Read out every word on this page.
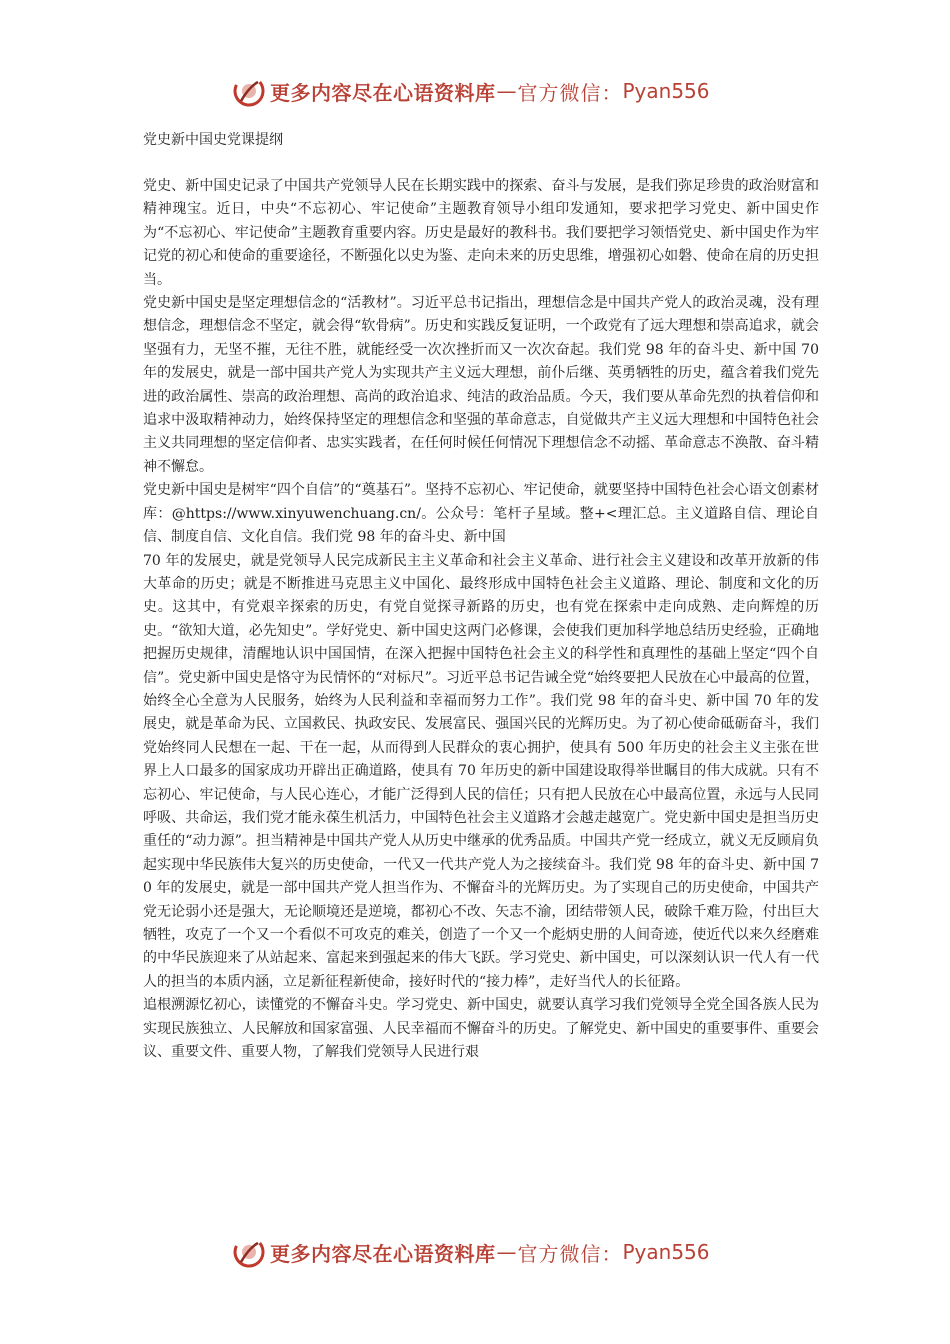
更多内容尽在心语资料库 — 官方微信： Pyan556
党史新中国史党课提纲

党史、新中国史记录了中国共产党领导人民在长期实践中的探索、奋斗与发展，是我们弥足珍贵的政治财富和精神瑰宝。近日，中央“不忘初心、牢记使命”主题教育领导小组印发通知，要求把学习党史、新中国史作为“不忘初心、牢记使命”主题教育重要内容。历史是最好的教科书。我们要把学习领悟党史、新中国史作为牢记党的初心和使命的重要途径，不断强化以史为鉴、走向未来的历史思维，增强初心如磐、使命在肩的历史担当。

党史新中国史是坚定理想信念的“活教材”。习近平总书记指出，理想信念是中国共产党人的政治灵魂，没有理想信念，理想信念不坚定，就会得“软骨病”。历史和实践反复证明，一个政党有了远大理想和崇高追求，就会坚强有力，无坚不摧，无往不胜，就能经受一次次挫折而又一次次奋起。我们党 98 年的奋斗史、新中国 70 年的发展史，就是一部中国共产党人为实现共产主义远大理想，前仆后继、英勇牺牲的历史，蕴含着我们党先进的政治属性、崇高的政治理想、高尚的政治追求、纯洁的政治品质。今天，我们要从革命先烈的执着信仰和追求中汲取精神动力，始终保持坚定的理想信念和坚强的革命意志，自觉做共产主义远大理想和中国特色社会主义共同理想的坚定信仰者、忠实实践者，在任何时候任何情况下理想信念不动摇、革命意志不涣散、奋斗精神不懈怠。

党史新中国史是树牢“四个自信”的“奠基石”。坚持不忘初心、牢记使命，就要坚持中国特色社会心语文创素材库：@https://www.xinyuwenchuang.cn/。公众号：笔杆子星域。整+<理汇总。主义道路自信、理论自信、制度自信、文化自信。我们党 98 年的奋斗史、新中国

70 年的发展史，就是党领导人民完成新民主主义革命和社会主义革命、进行社会主义建设和改革开放新的伟大革命的历史；就是不断推进马克思主义中国化、最终形成中国特色社会主义道路、理论、制度和文化的历史。这其中，有党艰辛探索的历史，有党自觉探寻新路的历史，也有党在探索中走向成熟、走向辉煌的历史。“欲知大道，必先知史”。学好党史、新中国史这两门必修课，会使我们更加科学地总结历史经验，正确地把握历史规律，清醒地认识中国国情，在深入把握中国特色社会主义的科学性和真理性的基础上坚定“四个自信”。党史新中国史是恪守为民情怀的“对标尺”。习近平总书记告诫全党“始终要把人民放在心中最高的位置，始终全心全意为人民服务，始终为人民利益和幸福而努力工作”。我们党 98 年的奋斗史、新中国 70 年的发展史，就是革命为民、立国救民、执政安民、发展富民、强国兴民的光辉历史。为了初心使命砥砺奋斗，我们党始终同人民想在一起、干在一起，从而得到人民群众的衷心拥护，使具有 500 年历史的社会主义主张在世界上人口最多的国家成功开辟出正确道路，使具有 70 年历史的新中国建设取得举世瞩目的伟大成就。只有不忘初心、牢记使命，与人民心连心，才能广泛得到人民的信任；只有把人民放在心中最高位置，永远与人民同呼吸、共命运，我们党才能永葆生机活力，中国特色社会主义道路才会越走越宽广。党史新中国史是担当历史重任的“动力源”。担当精神是中国共产党人从历史中继承的优秀品质。中国共产党一经成立，就义无反顾肩负起实现中华民族伟大复兴的历史使命，一代又一代共产党人为之接续奋斗。我们党 98 年的奋斗史、新中国 70 年的发展史，就是一部中国共产党人担当作为、不懈奋斗的光辉历史。为了实现自己的历史使命，中国共产党无论弱小还是强大，无论顺境还是逆境，都初心不改、矢志不渝，团结带领人民，破除千难万险，付出巨大牺牲，攻克了一个又一个看似不可攻克的难关，创造了一个又一个彪炳史册的人间奇迹，使近代以来久经磨难的中华民族迎来了从站起来、富起来到强起来的伟大飞跃。学习党史、新中国史，可以深刻认识一代人有一代人的担当的本质内涵，立足新征程新使命，接好时代的“接力棒”，走好当代人的长征路。

追根溯源忆初心，读懂党的不懈奋斗史。学习党史、新中国史，就要认真学习我们党领导全党全国各族人民为实现民族独立、人民解放和国家富强、人民幸福而不懈奋斗的历史。了解党史、新中国史的重要事件、重要会议、重要文件、重要人物，了解我们党领导人民进行艰

更多内容尽在心语资料库 — 官方微信： Pyan556
